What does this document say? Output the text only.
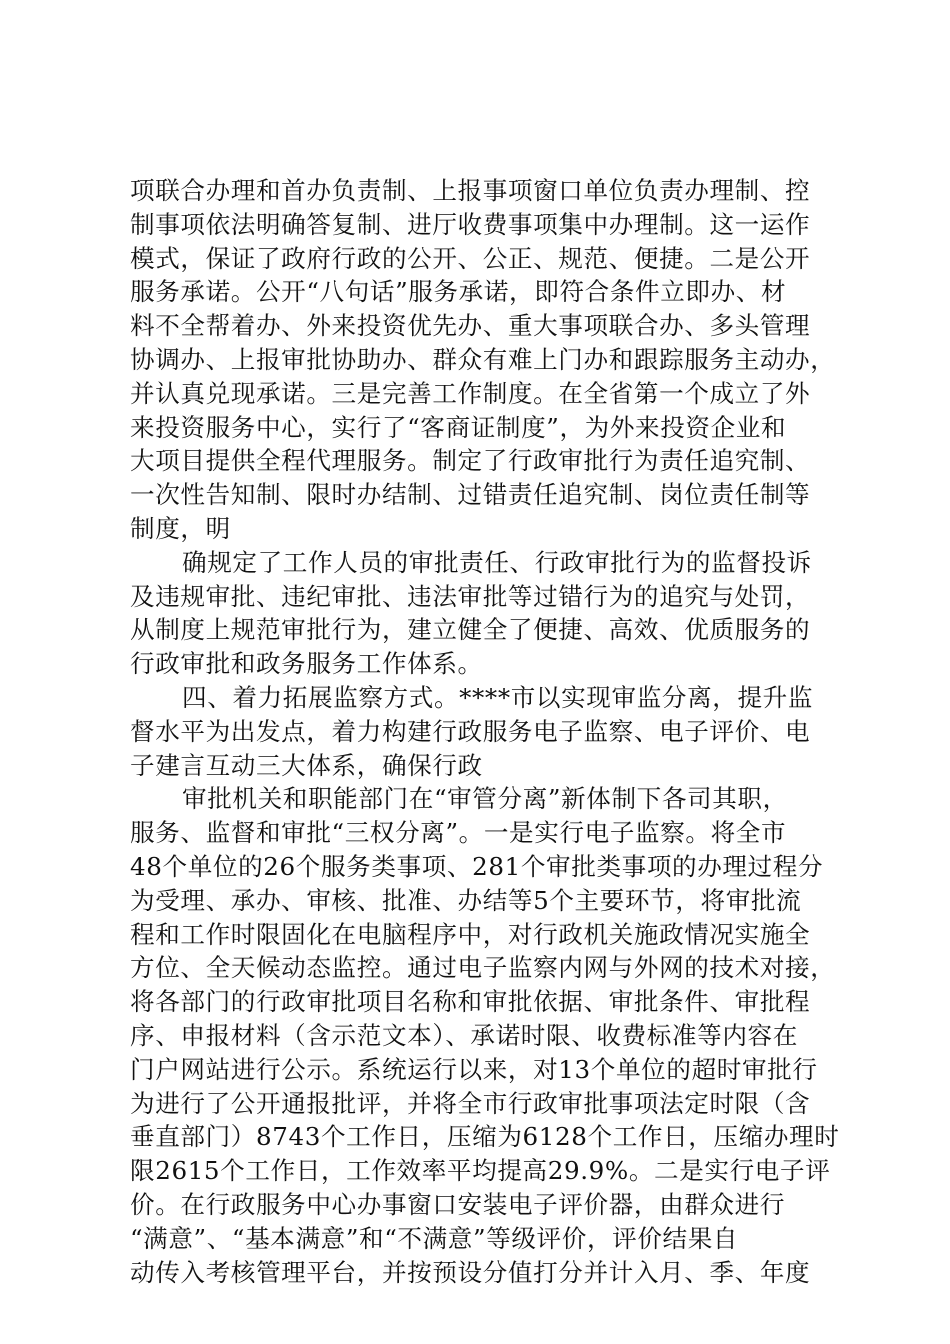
项联合办理和首办负责制、上报事项窗口单位负责办理制、控
制事项依法明确答复制、进厅收费事项集中办理制。这一运作
模式，保证了政府行政的公开、公正、规范、便捷。二是公开
服务承诺。公开“八句话”服务承诺，即符合条件立即办、材
料不全帮着办、外来投资优先办、重大事项联合办、多头管理
协调办、上报审批协助办、群众有难上门办和跟踪服务主动办，
并认真兑现承诺。三是完善工作制度。在全省第一个成立了外
来投资服务中心，实行了“客商证制度”，为外来投资企业和
大项目提供全程代理服务。制定了行政审批行为责任追究制、
一次性告知制、限时办结制、过错责任追究制、岗位责任制等
制度，明
确规定了工作人员的审批责任、行政审批行为的监督投诉
及违规审批、违纪审批、违法审批等过错行为的追究与处罚，
从制度上规范审批行为，建立健全了便捷、高效、优质服务的
行政审批和政务服务工作体系。
四、着力拓展监察方式。****市以实现审监分离，提升监
督水平为出发点，着力构建行政服务电子监察、电子评价、电
子建言互动三大体系，确保行政
审批机关和职能部门在“审管分离”新体制下各司其职，
服务、监督和审批“三权分离”。一是实行电子监察。将全市
48个单位的26个服务类事项、281个审批类事项的办理过程分
为受理、承办、审核、批准、办结等5个主要环节，将审批流
程和工作时限固化在电脑程序中，对行政机关施政情况实施全
方位、全天候动态监控。通过电子监察内网与外网的技术对接，
将各部门的行政审批项目名称和审批依据、审批条件、审批程
序、申报材料（含示范文本）、承诺时限、收费标准等内容在
门户网站进行公示。系统运行以来，对13个单位的超时审批行
为进行了公开通报批评，并将全市行政审批事项法定时限（含
垂直部门）8743个工作日，压缩为6128个工作日，压缩办理时
限2615个工作日，工作效率平均提高29.9%。二是实行电子评
价。在行政服务中心办事窗口安装电子评价器，由群众进行
“满意”、“基本满意”和“不满意”等级评价，评价结果自
动传入考核管理平台，并按预设分值打分并计入月、季、年度
